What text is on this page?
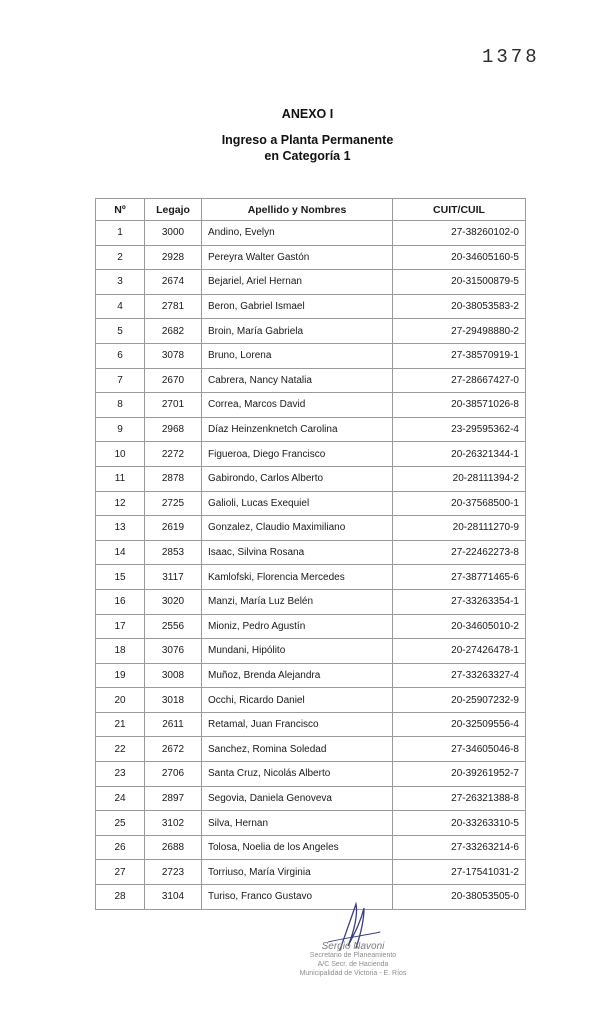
1378
ANEXO I
Ingreso a Planta Permanente
en Categoría 1
Nº	Legajo	Apellido y Nombres	CUIT/CUIL
1	3000	Andino, Evelyn	27-38260102-0
2	2928	Pereyra Walter Gastón	20-34605160-5
3	2674	Bejariel, Ariel Hernan	20-31500879-5
4	2781	Beron, Gabriel Ismael	20-38053583-2
5	2682	Broin, María Gabriela	27-29498880-2
6	3078	Bruno, Lorena	27-38570919-1
7	2670	Cabrera, Nancy Natalia	27-28667427-0
8	2701	Correa, Marcos David	20-38571026-8
9	2968	Díaz Heinzenknetch Carolina	23-29595362-4
10	2272	Figueroa, Diego Francisco	20-26321344-1
11	2878	Gabirondo, Carlos Alberto	20-28111394-2
12	2725	Galioli, Lucas Exequiel	20-37568500-1
13	2619	Gonzalez, Claudio Maximiliano	20-28111270-9
14	2853	Isaac, Silvina Rosana	27-22462273-8
15	3117	Kamlofski, Florencia Mercedes	27-38771465-6
16	3020	Manzi, María Luz Belén	27-33263354-1
17	2556	Mioniz, Pedro Agustín	20-34605010-2
18	3076	Mundani, Hipólito	20-27426478-1
19	3008	Muñoz, Brenda Alejandra	27-33263327-4
20	3018	Occhi, Ricardo Daniel	20-25907232-9
21	2611	Retamal, Juan Francisco	20-32509556-4
22	2672	Sanchez, Romina Soledad	27-34605046-8
23	2706	Santa Cruz, Nicolás Alberto	20-39261952-7
24	2897	Segovia, Daniela Genoveva	27-26321388-8
25	3102	Silva, Hernan	20-33263310-5
26	2688	Tolosa, Noelia de los Angeles	27-33263214-6
27	2723	Torriuso, María Virginia	27-17541031-2
28	3104	Turiso, Franco Gustavo	20-38053505-0
Sergio Navoni
Secretario de Planeamiento
A/C Secr. de Hacienda
Municipalidad de Victoria - E. Ríos
